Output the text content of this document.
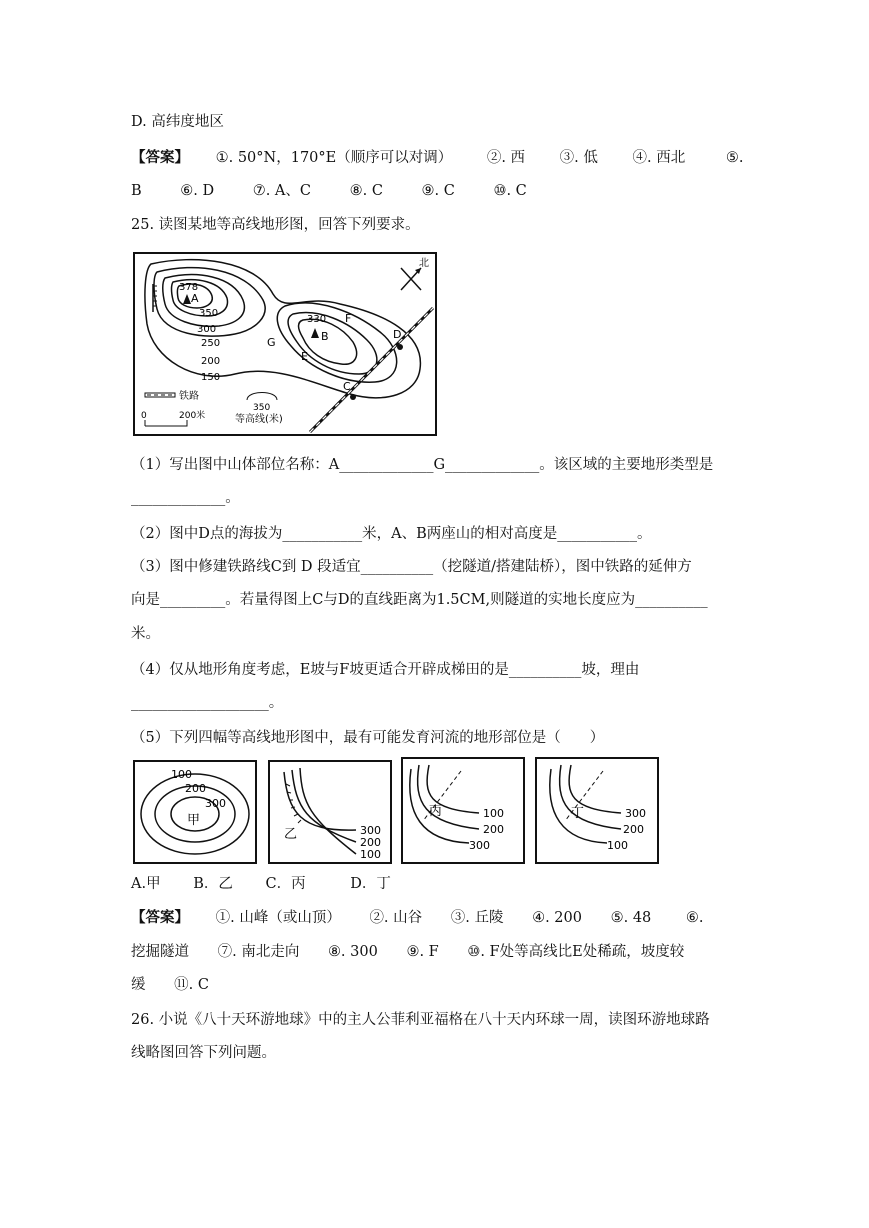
D. 高纬度地区
【答案】 ①. 50°N，170°E（顺序可以对调） ②. 西 ③. 低 ④. 西北	⑤.
B	⑥. D	⑦. A、C	⑧. C	⑨. C	⑩. C
25. 读图某地等高线地形图，回答下列要求。
378
A
330
B
350
300
250
200
150
G
E
F
C
D
北
铁路
350
等高线(米)
0	200米
（1）写出图中山体部位名称：A_____________G_____________。该区域的主要地形类型是
_____________。
（2）图中D点的海拔为___________米，A、B两座山的相对高度是___________。
（3）图中修建铁路线C到 D 段适宜__________（挖隧道/搭建陆桥），图中铁路的延伸方
向是_________。若量得图上C与D的直线距离为1.5CM,则隧道的实地长度应为__________
米。
（4）仅从地形角度考虑，E坡与F坡更适合开辟成梯田的是__________坡，理由
___________________。
（5）下列四幅等高线地形图中，最有可能发育河流的地形部位是（　　）
100
200
300
甲
300
200
100
乙
100
200
300
丙	300
200
100
丁
A.甲 B．乙 C．丙	D．丁
【答案】 ①. 山峰（或山顶） ②. 山谷 ③. 丘陵 ④. 200 ⑤. 48 ⑥.
挖掘隧道 ⑦. 南北走向 ⑧. 300 ⑨. F ⑩. F处等高线比E处稀疏，坡度较
缓 ⑪. C
26. 小说《八十天环游地球》中的主人公菲利亚福格在八十天内环球一周，读图环游地球路
线略图回答下列问题。
